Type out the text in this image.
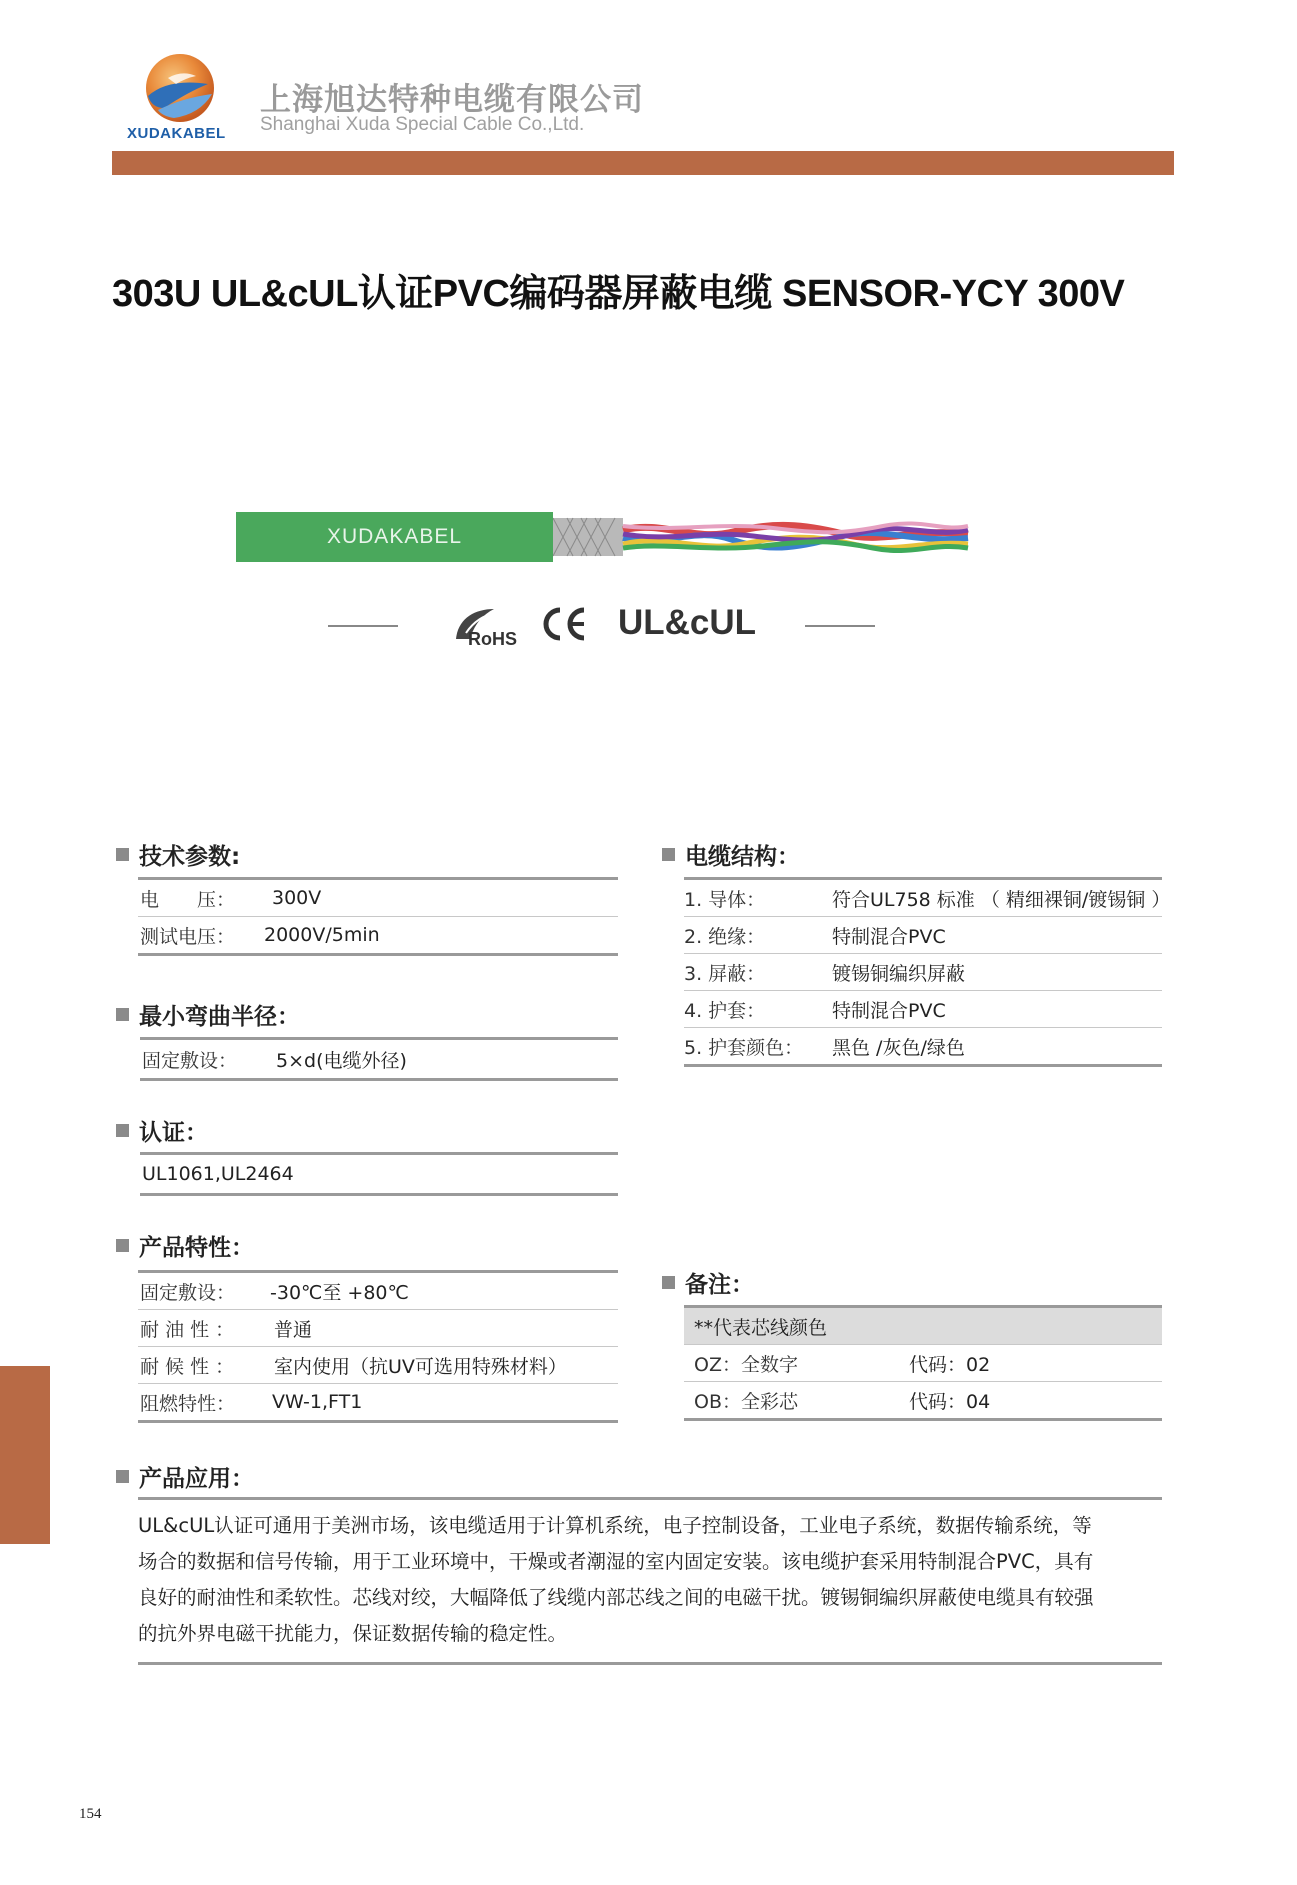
XUDAKABEL
上海旭达特种电缆有限公司
Shanghai Xuda Special Cable Co.,Ltd.
303U UL&cUL认证PVC编码器屏蔽电缆 SENSOR-YCY 300V
XUDAKABEL
RoHS	UL&cUL
技术参数:
电　　压：	300V
测试电压：	2000V/5min
最小弯曲半径：
固定敷设：	5×d(电缆外径)
认证：
UL1061,UL2464
产品特性：
固定敷设：	-30℃至 +80℃
耐 油 性 ：	普通
耐 候 性 ：	室内使用（抗UV可选用特殊材料）
阻燃特性：	VW-1,FT1
电缆结构：
1. 导体：	符合UL758 标准 （ 精细裸铜/镀锡铜 ）
2. 绝缘：	特制混合PVC
3. 屏蔽：	镀锡铜编织屏蔽
4. 护套：	特制混合PVC
5. 护套颜色：	黑色 /灰色/绿色
备注：
**代表芯线颜色
OZ：全数字	代码：02
OB：全彩芯	代码：04
产品应用：
UL&cUL认证可通用于美洲市场，该电缆适用于计算机系统，电子控制设备，工业电子系统，数据传输系统，等
场合的数据和信号传输，用于工业环境中，干燥或者潮湿的室内固定安装。该电缆护套采用特制混合PVC，具有
良好的耐油性和柔软性。芯线对绞，大幅降低了线缆内部芯线之间的电磁干扰。镀锡铜编织屏蔽使电缆具有较强
的抗外界电磁干扰能力，保证数据传输的稳定性。
154
